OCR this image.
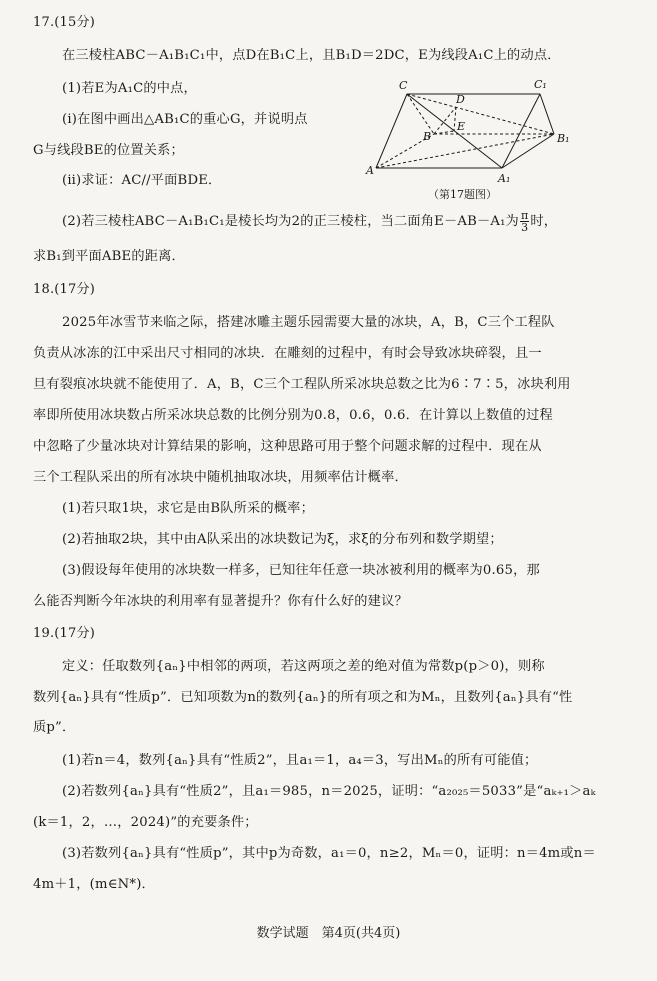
17.(15分)
在三棱柱ABC－A₁B₁C₁中，点D在B₁C上，且B₁D＝2DC，E为线段A₁C上的动点．
(1)若E为A₁C的中点，
(ⅰ)在图中画出△AB₁C的重心G，并说明点
G与线段BE的位置关系；
(ⅱ)求证：AC//平面BDE．
(2)若三棱柱ABC－A₁B₁C₁是棱长均为2的正三棱柱，当二面角E－AB－A₁为 $\frac{\pi}{3}$ 时，
求B₁到平面ABE的距离．
C	C₁
D
B
E
B₁
A
A₁
（第17题图）
18.(17分)
2025年冰雪节来临之际，搭建冰雕主题乐园需要大量的冰块，A，B，C三个工程队
负责从冰冻的江中采出尺寸相同的冰块．在雕刻的过程中，有时会导致冰块碎裂，且一
旦有裂痕冰块就不能使用了．A，B，C三个工程队所采冰块总数之比为6∶7∶5，冰块利用
率即所使用冰块数占所采冰块总数的比例分别为0.8，0.6，0.6．在计算以上数值的过程
中忽略了少量冰块对计算结果的影响，这种思路可用于整个问题求解的过程中．现在从
三个工程队采出的所有冰块中随机抽取冰块，用频率估计概率．
(1)若只取1块，求它是由B队所采的概率；
(2)若抽取2块，其中由A队采出的冰块数记为ξ，求ξ的分布列和数学期望；
(3)假设每年使用的冰块数一样多，已知往年任意一块冰被利用的概率为0.65，那
么能否判断今年冰块的利用率有显著提升？你有什么好的建议？
19.(17分)
定义：任取数列{aₙ}中相邻的两项，若这两项之差的绝对值为常数p(p＞0)，则称
数列{aₙ}具有“性质p”．已知项数为n的数列{aₙ}的所有项之和为Mₙ，且数列{aₙ}具有“性
质p”．
(1)若n＝4，数列{aₙ}具有“性质2”，且a₁＝1，a₄＝3，写出Mₙ的所有可能值；
(2)若数列{aₙ}具有“性质2”，且a₁＝985，n＝2025，证明：“a₂₀₂₅＝5033”是“aₖ₊₁＞aₖ
(k＝1，2，…，2024)”的充要条件；
(3)若数列{aₙ}具有“性质p”，其中p为奇数，a₁＝0，n≥2，Mₙ＝0，证明：n＝4m或n＝
4m＋1，(m∈N*)．
数学试题　第4页(共4页)
